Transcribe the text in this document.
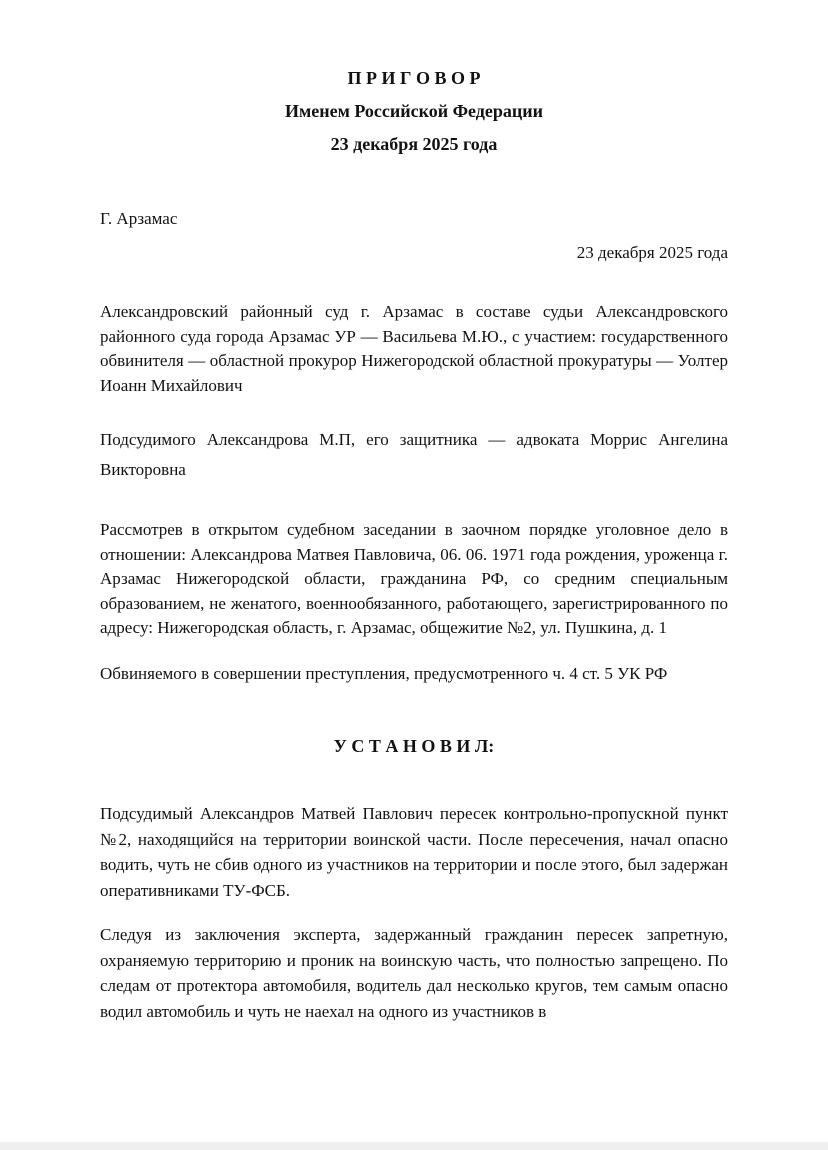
П Р И Г О В О Р
Именем Российской Федерации
23 декабря 2025 года
Г. Арзамас
23 декабря 2025 года

Александровский районный суд г. Арзамас в составе судьи Александровского районного суда города Арзамас УР — Васильева М.Ю., с участием: государственного обвинителя — областной прокурор Нижегородской областной прокуратуры — Уолтер Иоанн Михайлович

Подсудимого Александрова М.П, его защитника — адвоката Моррис Ангелина Викторовна

Рассмотрев в открытом судебном заседании в заочном порядке уголовное дело в отношении: Александрова Матвея Павловича, 06. 06. 1971 года рождения, уроженца г. Арзамас Нижегородской области, гражданина РФ, со средним специальным образованием, не женатого, военнообязанного, работающего, зарегистрированного по адресу: Нижегородская область, г. Арзамас, общежитие №2, ул. Пушкина, д. 1

Обвиняемого в совершении преступления, предусмотренного ч. 4 ст. 5 УК РФ

У С Т А Н О В И Л:

Подсудимый Александров Матвей Павлович пересек контрольно-пропускной пункт №2, находящийся на территории воинской части. После пересечения, начал опасно водить, чуть не сбив одного из участников на территории и после этого, был задержан оперативниками ТУ-ФСБ.

Следуя из заключения эксперта, задержанный гражданин пересек запретную, охраняемую территорию и проник на воинскую часть, что полностью запрещено. По следам от протектора автомобиля, водитель дал несколько кругов, тем самым опасно водил автомобиль и чуть не наехал на одного из участников в
